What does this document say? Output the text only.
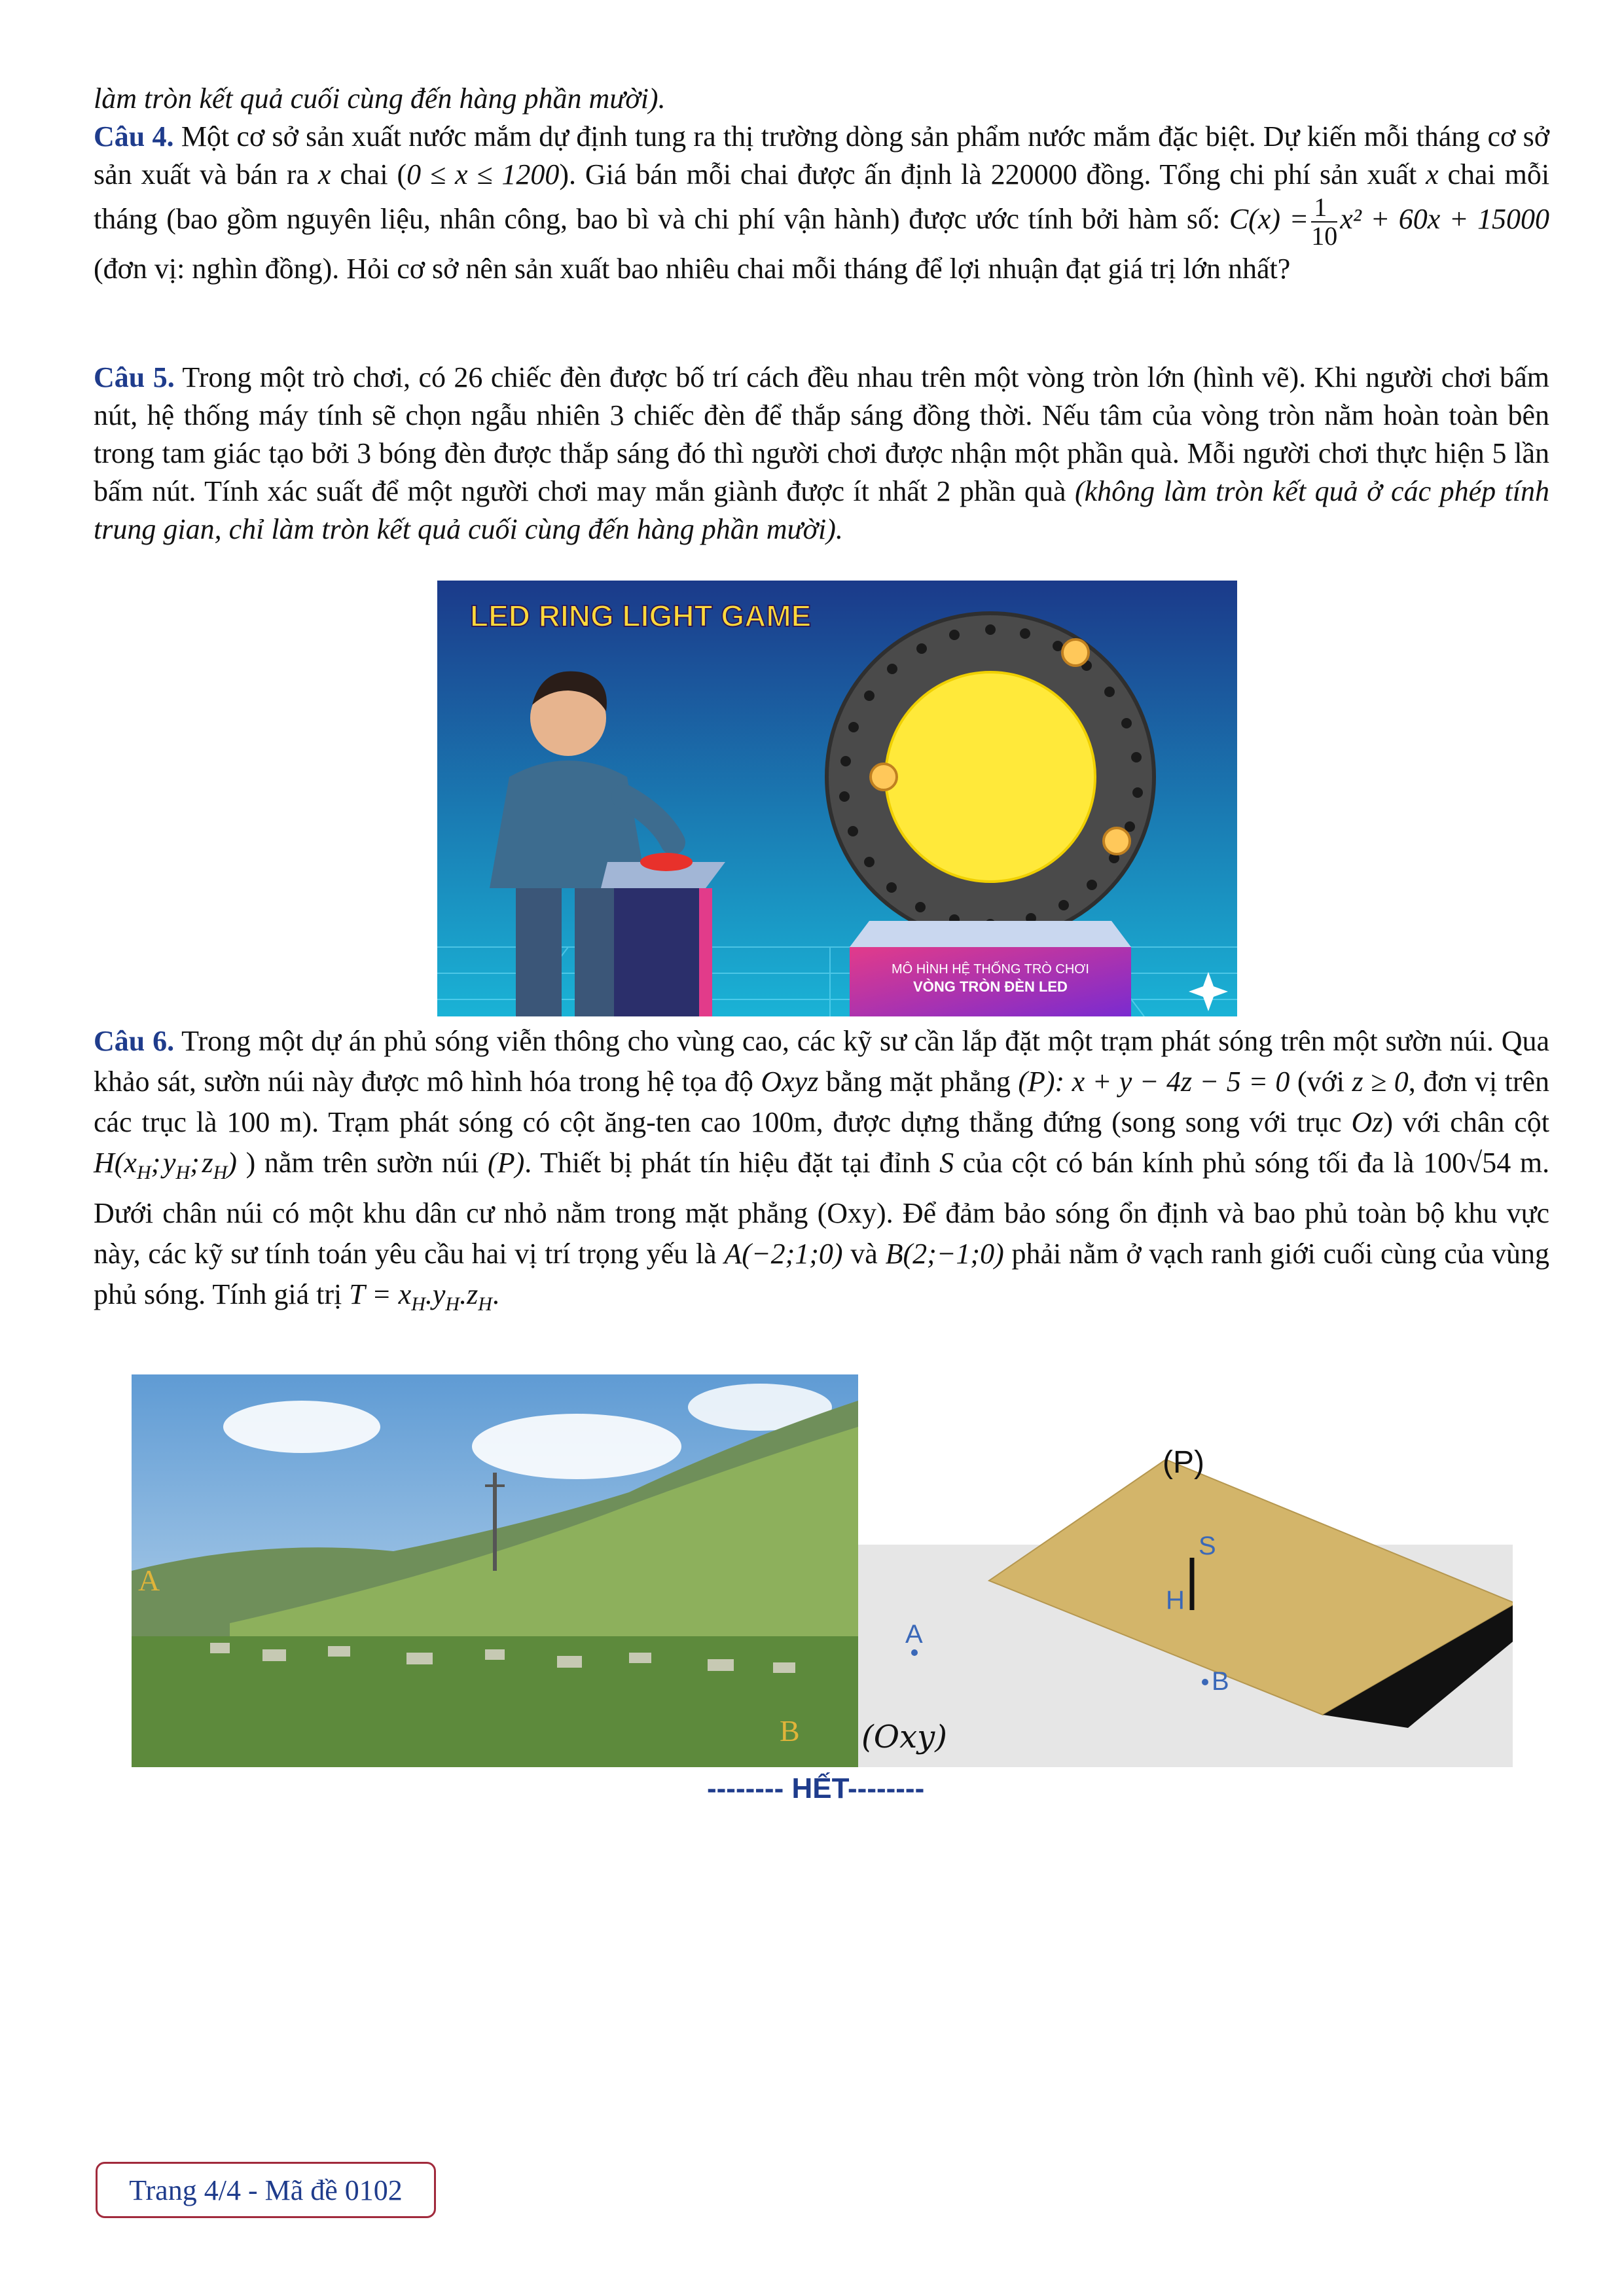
làm tròn kết quả cuối cùng đến hàng phần mười).

Câu 4. Một cơ sở sản xuất nước mắm dự định tung ra thị trường dòng sản phẩm nước mắm đặc biệt. Dự kiến mỗi tháng cơ sở sản xuất và bán ra x chai (0 ≤ x ≤ 1200). Giá bán mỗi chai được ấn định là 220000 đồng. Tổng chi phí sản xuất x chai mỗi tháng (bao gồm nguyên liệu, nhân công, bao bì và chi phí vận hành) được ước tính bởi hàm số: $C(x) = \frac{1}{10} x^2 + 60x + 15000$ (đơn vị: nghìn đồng). Hỏi cơ sở nên sản xuất bao nhiêu chai mỗi tháng để lợi nhuận đạt giá trị lớn nhất?

Câu 5. Trong một trò chơi, có 26 chiếc đèn được bố trí cách đều nhau trên một vòng tròn lớn (hình vẽ). Khi người chơi bấm nút, hệ thống máy tính sẽ chọn ngẫu nhiên 3 chiếc đèn để thắp sáng đồng thời. Nếu tâm của vòng tròn nằm hoàn toàn bên trong tam giác tạo bởi 3 bóng đèn được thắp sáng đó thì người chơi được nhận một phần quà. Mỗi người chơi thực hiện 5 lần bấm nút. Tính xác suất để một người chơi may mắn giành được ít nhất 2 phần quà (không làm tròn kết quả ở các phép tính trung gian, chỉ làm tròn kết quả cuối cùng đến hàng phần mười).

LED RING LIGHT GAME
MÔ HÌNH HỆ THỐNG TRÒ CHƠI
VÒNG TRÒN ĐÈN LED

Câu 6. Trong một dự án phủ sóng viễn thông cho vùng cao, các kỹ sư cần lắp đặt một trạm phát sóng trên một sườn núi. Qua khảo sát, sườn núi này được mô hình hóa trong hệ tọa độ Oxyz bằng mặt phẳng (P): x + y − 4z − 5 = 0 (với z ≥ 0, đơn vị trên các trục là 100 m). Trạm phát sóng có cột ăng-ten cao 100m, được dựng thẳng đứng (song song với trục Oz) với chân cột $H(x_H$; $y_H$; $z_H$) ) nằm trên sườn núi (P). Thiết bị phát tín hiệu đặt tại đỉnh S của cột có bán kính phủ sóng tối đa là 100√54 m. Dưới chân núi có một khu dân cư nhỏ nằm trong mặt phẳng (Oxy). Để đảm bảo sóng ổn định và bao phủ toàn bộ khu vực này, các kỹ sư tính toán yêu cầu hai vị trí trọng yếu là A(−2;1;0) và B(2;−1;0) phải nằm ở vạch ranh giới cuối cùng của vùng phủ sóng. Tính giá trị $T = x_H.y_H.z_H$.

A
B
(P)
S
H
A
B
(Oxy)
-------- HẾT--------
Trang 4/4 - Mã đề 0102
